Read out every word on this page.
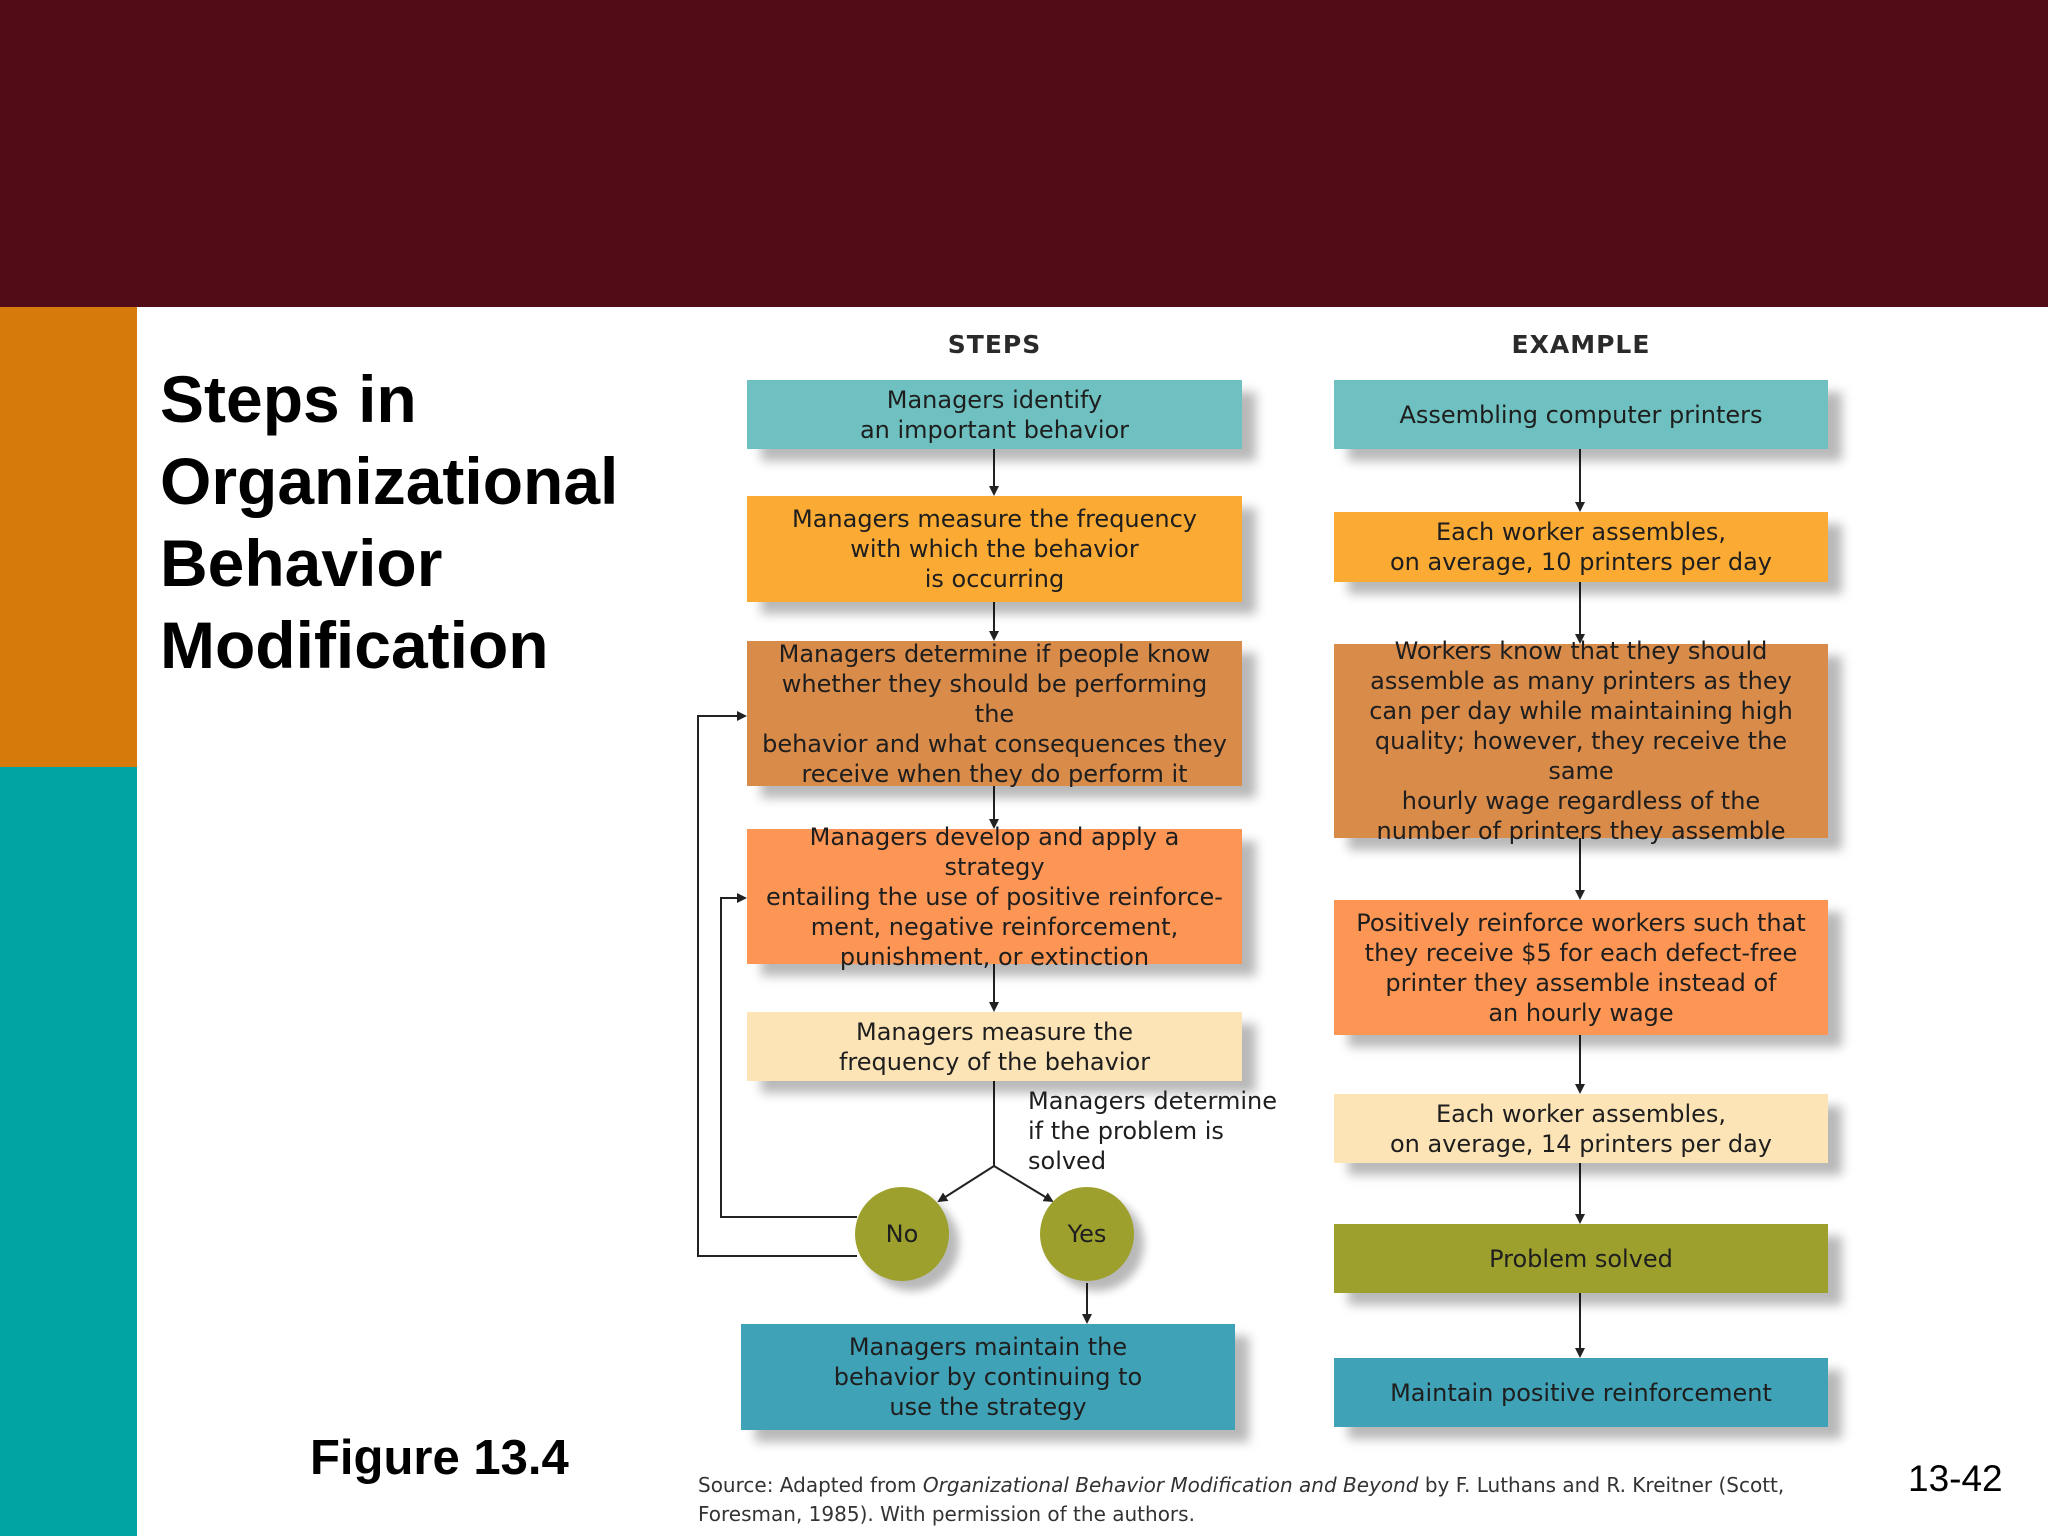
Steps in Organizational Behavior Modification
STEPS	EXAMPLE
Managers identify
an important behavior
Managers measure the frequency
with which the behavior
is occurring
Managers determine if people know
whether they should be performing the
behavior and what consequences they
receive when they do perform it
Managers develop and apply a strategy
entailing the use of positive reinforce-
ment, negative reinforcement,
punishment, or extinction
Managers measure the
frequency of the behavior
Managers determine
if the problem is
solved
No	Yes
Managers maintain the
behavior by continuing to
use the strategy
Assembling computer printers
Each worker assembles,
on average, 10 printers per day
Workers know that they should
assemble as many printers as they
can per day while maintaining high
quality; however, they receive the same
hourly wage regardless of the
number of printers they assemble
Positively reinforce workers such that
they receive $5 for each defect-free
printer they assemble instead of
an hourly wage
Each worker assembles,
on average, 14 printers per day
Problem solved
Maintain positive reinforcement
Figure 13.4	Source: Adapted from Organizational Behavior Modification and Beyond by F. Luthans and R. Kreitner (Scott, Foresman, 1985). With permission of the authors.
13-42
